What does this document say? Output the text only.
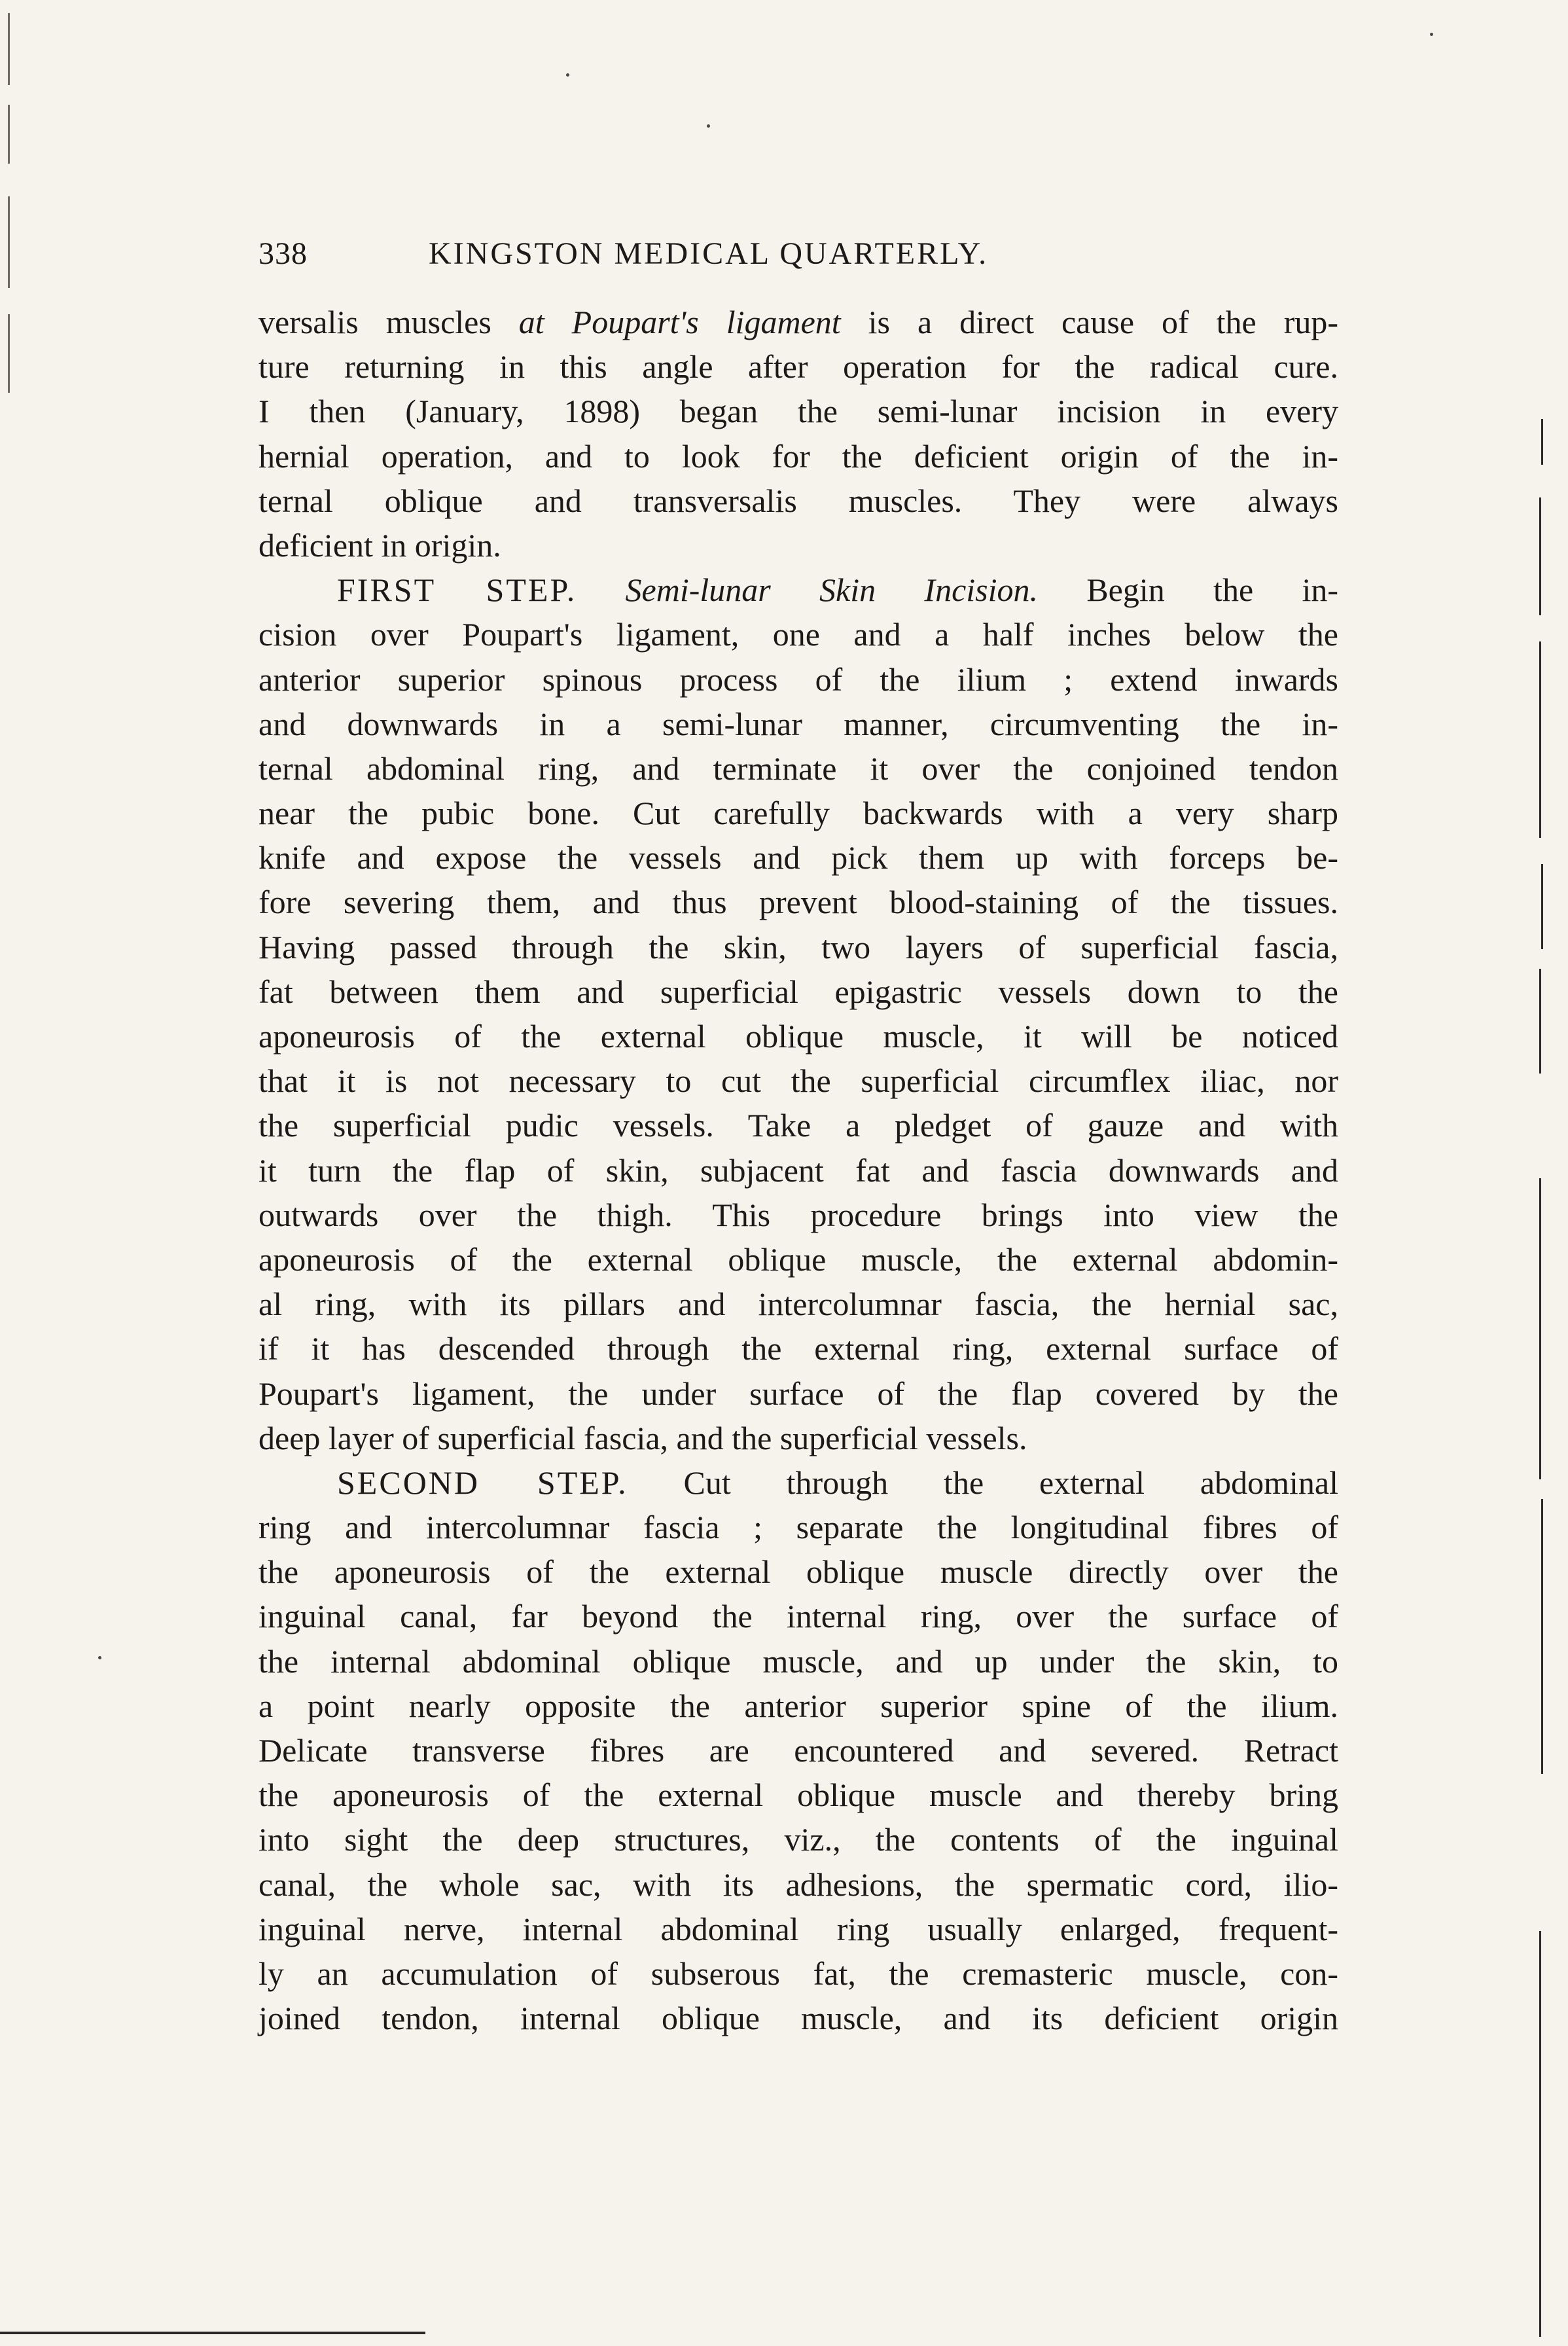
338	KINGSTON MEDICAL QUARTERLY.
versalis muscles at Poupart's ligament is a direct cause of the rup-
ture returning in this angle after operation for the radical cure.
I then (January, 1898) began the semi-lunar incision in every
hernial operation, and to look for the deficient origin of the in-
ternal oblique and transversalis muscles. They were always
deficient in origin.
FIRST STEP. Semi-lunar Skin Incision. Begin the in-
cision over Poupart's ligament, one and a half inches below the
anterior superior spinous process of the ilium ; extend inwards
and downwards in a semi-lunar manner, circumventing the in-
ternal abdominal ring, and terminate it over the conjoined tendon
near the pubic bone. Cut carefully backwards with a very sharp
knife and expose the vessels and pick them up with forceps be-
fore severing them, and thus prevent blood-staining of the tissues.
Having passed through the skin, two layers of superficial fascia,
fat between them and superficial epigastric vessels down to the
aponeurosis of the external oblique muscle, it will be noticed
that it is not necessary to cut the superficial circumflex iliac, nor
the superficial pudic vessels. Take a pledget of gauze and with
it turn the flap of skin, subjacent fat and fascia downwards and
outwards over the thigh. This procedure brings into view the
aponeurosis of the external oblique muscle, the external abdomin-
al ring, with its pillars and intercolumnar fascia, the hernial sac,
if it has descended through the external ring, external surface of
Poupart's ligament, the under surface of the flap covered by the
deep layer of superficial fascia, and the superficial vessels.
SECOND STEP. Cut through the external abdominal
ring and intercolumnar fascia ; separate the longitudinal fibres of
the aponeurosis of the external oblique muscle directly over the
inguinal canal, far beyond the internal ring, over the surface of
the internal abdominal oblique muscle, and up under the skin, to
a point nearly opposite the anterior superior spine of the ilium.
Delicate transverse fibres are encountered and severed. Retract
the aponeurosis of the external oblique muscle and thereby bring
into sight the deep structures, viz., the contents of the inguinal
canal, the whole sac, with its adhesions, the spermatic cord, ilio-
inguinal nerve, internal abdominal ring usually enlarged, frequent-
ly an accumulation of subserous fat, the cremasteric muscle, con-
joined tendon, internal oblique muscle, and its deficient origin
